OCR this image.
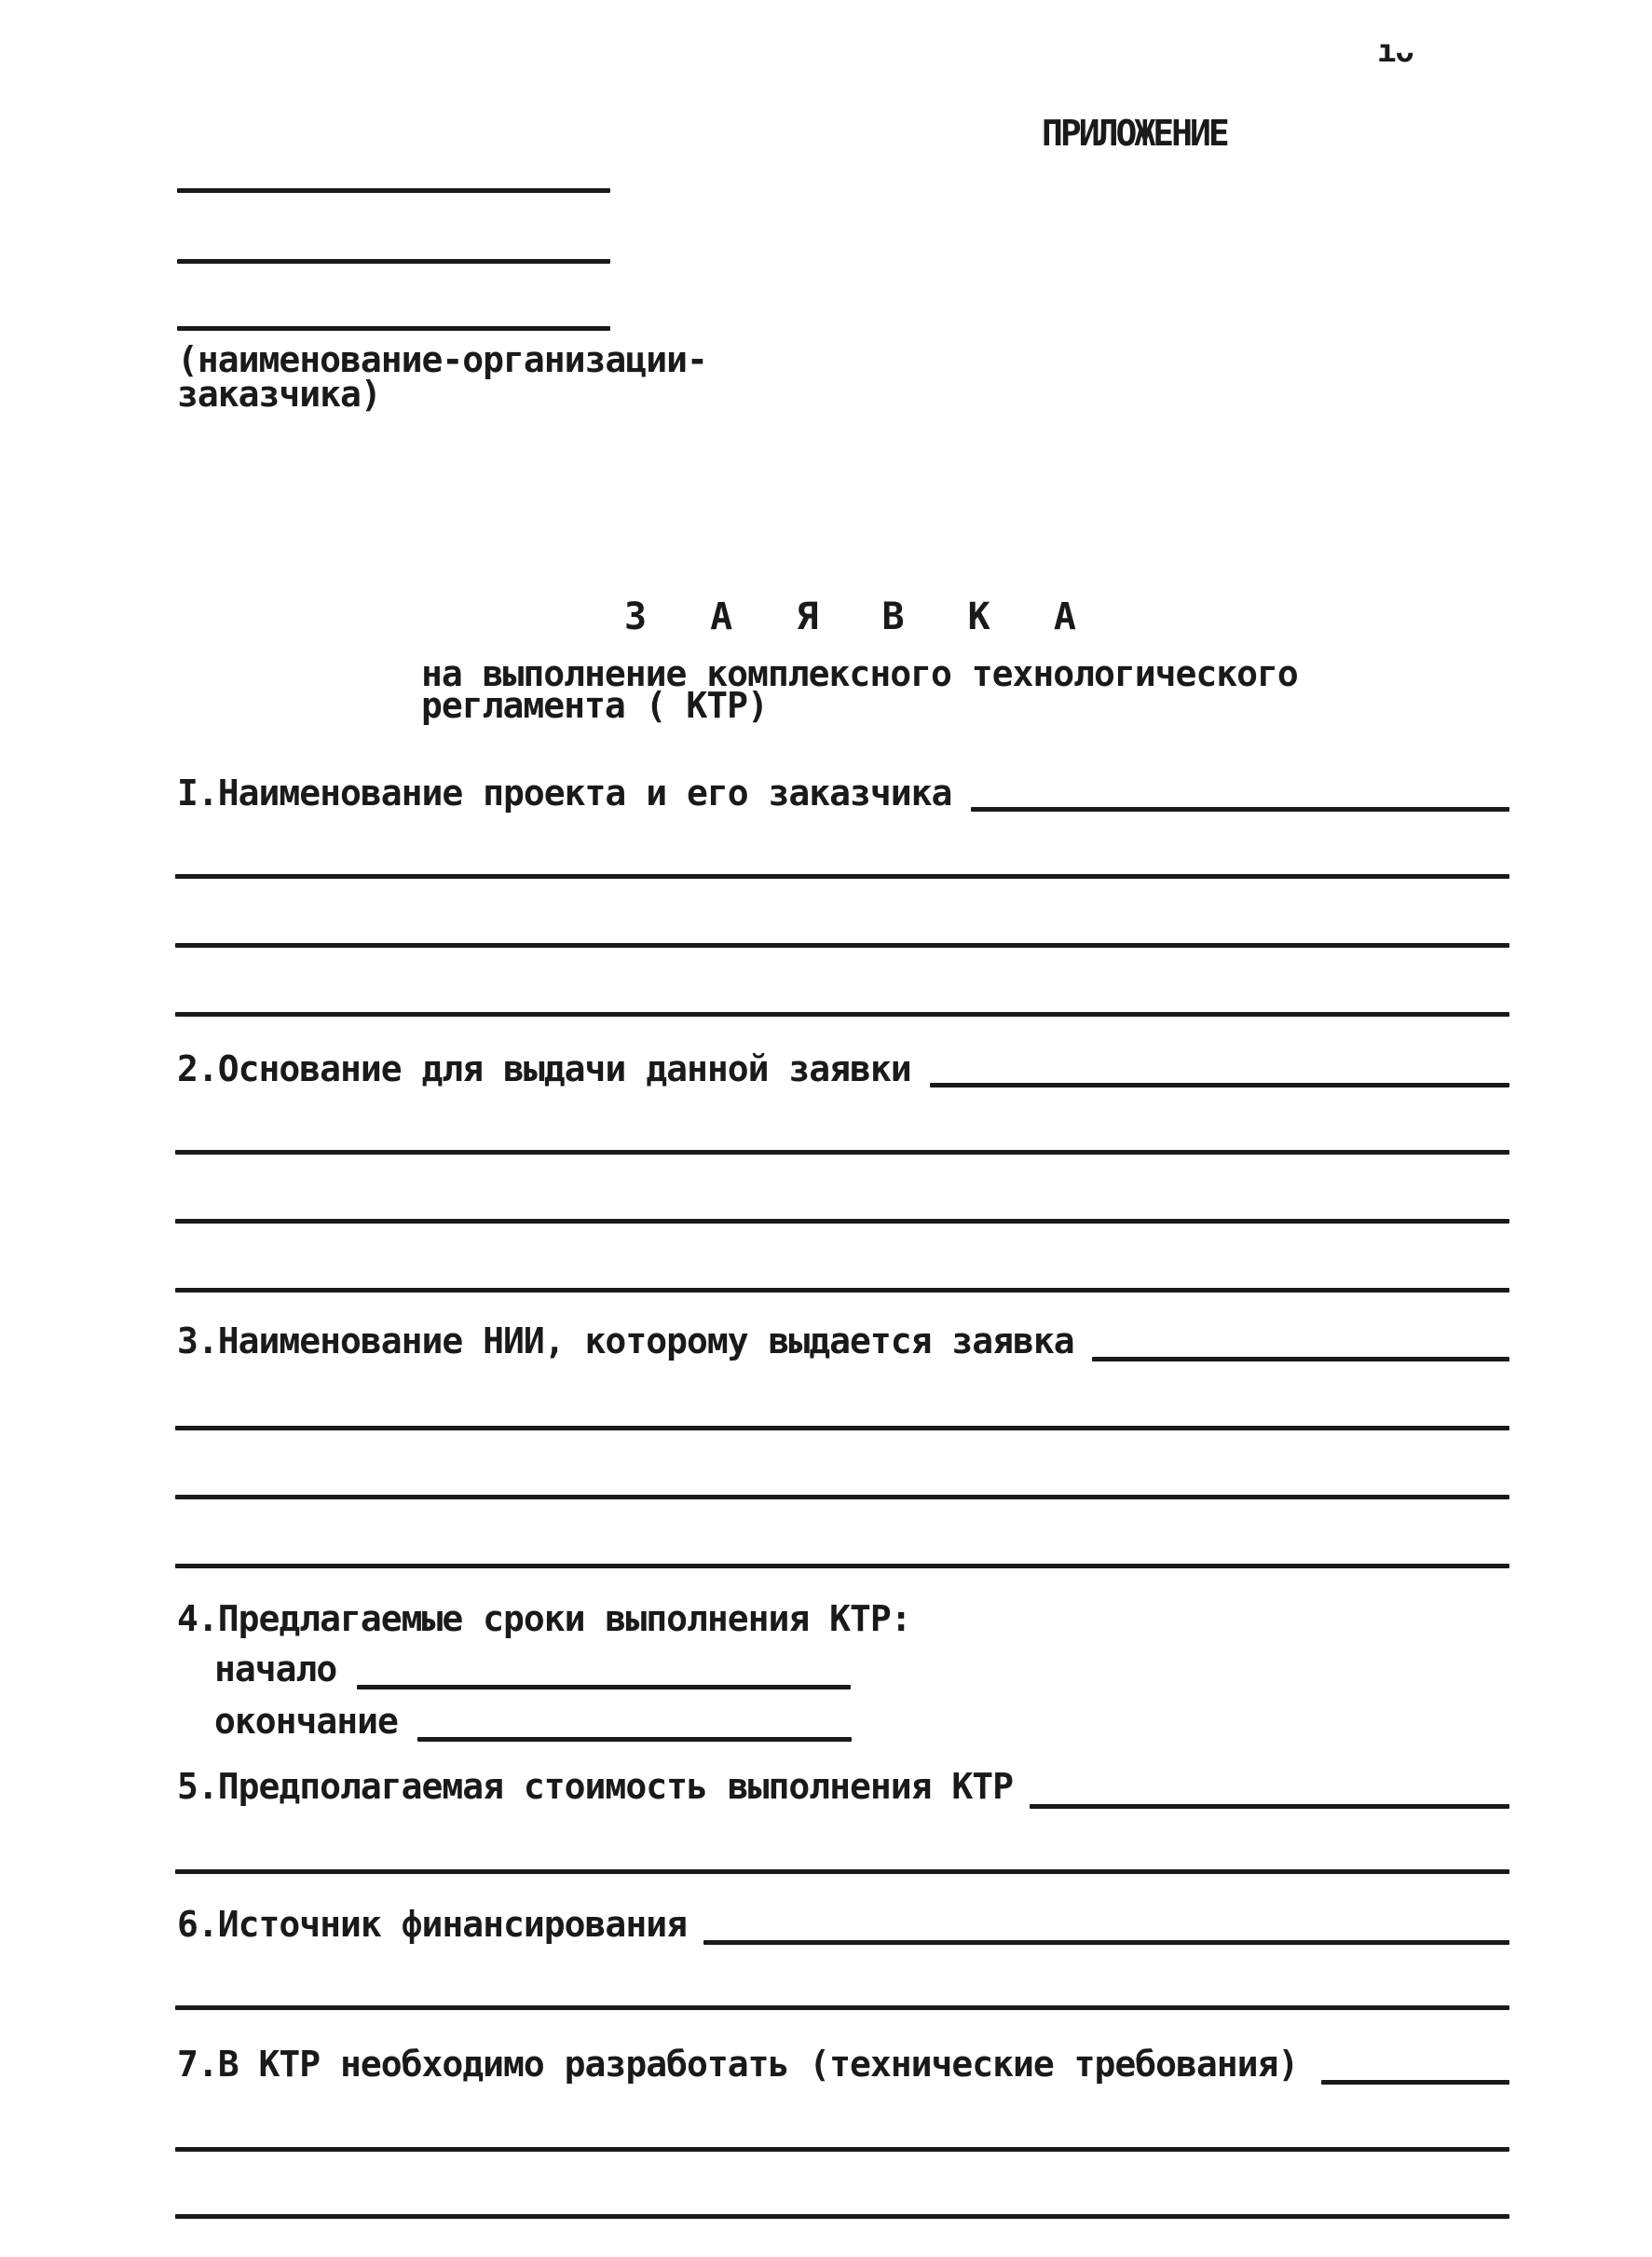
ıᴗ
ПРИЛОЖЕНИЕ
(наименование-организации-
заказчика)
З А Я В К А
на выполнение комплексного технологического
регламента ( КТР)
I.Наименование проекта и его заказчика
2.Основание для выдачи данной заявки
3.Наименование НИИ, которому выдается заявка
4.Предлагаемые сроки выполнения КТР:
начало
окончание
5.Предполагаемая стоимость выполнения КТР
6.Источник финансирования
7.В КТР необходимо разработать (технические требования)
